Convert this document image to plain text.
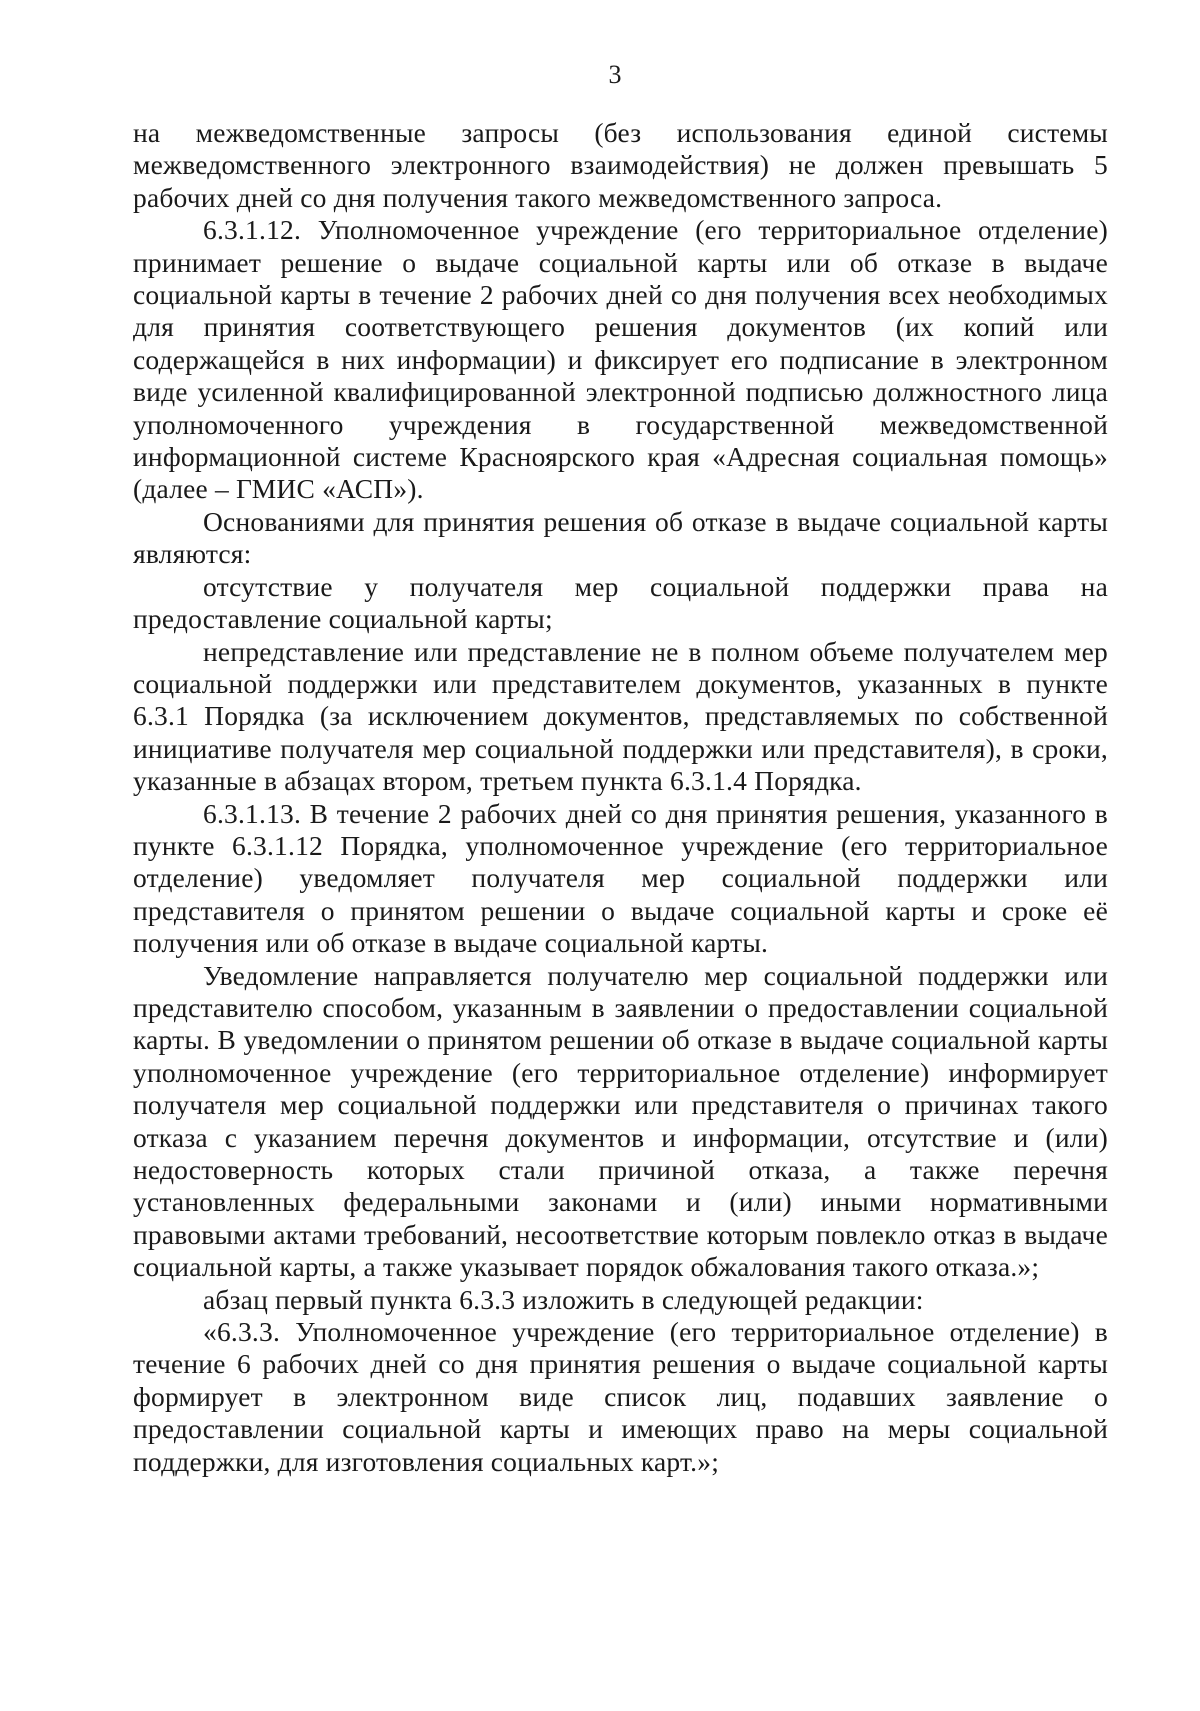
3

на межведомственные запросы (без использования единой системы межведомственного электронного взаимодействия) не должен превышать 5 рабочих дней со дня получения такого межведомственного запроса.

6.3.1.12. Уполномоченное учреждение (его территориальное отделение) принимает решение о выдаче социальной карты или об отказе в выдаче социальной карты в течение 2 рабочих дней со дня получения всех необходимых для принятия соответствующего решения документов (их копий или содержащейся в них информации) и фиксирует его подписание в электронном виде усиленной квалифицированной электронной подписью должностного лица уполномоченного учреждения в государственной межведомственной информационной системе Красноярского края «Адресная социальная помощь» (далее – ГМИС «АСП»).

Основаниями для принятия решения об отказе в выдаче социальной карты являются:

отсутствие у получателя мер социальной поддержки права на предоставление социальной карты;

непредставление или представление не в полном объеме получателем мер социальной поддержки или представителем документов, указанных в пункте 6.3.1 Порядка (за исключением документов, представляемых по собственной инициативе получателя мер социальной поддержки или представителя), в сроки, указанные в абзацах втором, третьем пункта 6.3.1.4 Порядка.

6.3.1.13. В течение 2 рабочих дней со дня принятия решения, указанного в пункте 6.3.1.12 Порядка, уполномоченное учреждение (его территориальное отделение) уведомляет получателя мер социальной поддержки или представителя о принятом решении о выдаче социальной карты и сроке её получения или об отказе в выдаче социальной карты.

Уведомление направляется получателю мер социальной поддержки или представителю способом, указанным в заявлении о предоставлении социальной карты. В уведомлении о принятом решении об отказе в выдаче социальной карты уполномоченное учреждение (его территориальное отделение) информирует получателя мер социальной поддержки или представителя о причинах такого отказа с указанием перечня документов и информации, отсутствие и (или) недостоверность которых стали причиной отказа, а также перечня установленных федеральными законами и (или) иными нормативными правовыми актами требований, несоответствие которым повлекло отказ в выдаче социальной карты, а также указывает порядок обжалования такого отказа.»;

абзац первый пункта 6.3.3 изложить в следующей редакции:

«6.3.3. Уполномоченное учреждение (его территориальное отделение) в течение 6 рабочих дней со дня принятия решения о выдаче социальной карты формирует в электронном виде список лиц, подавших заявление о предоставлении социальной карты и имеющих право на меры социальной поддержки, для изготовления социальных карт.»;
